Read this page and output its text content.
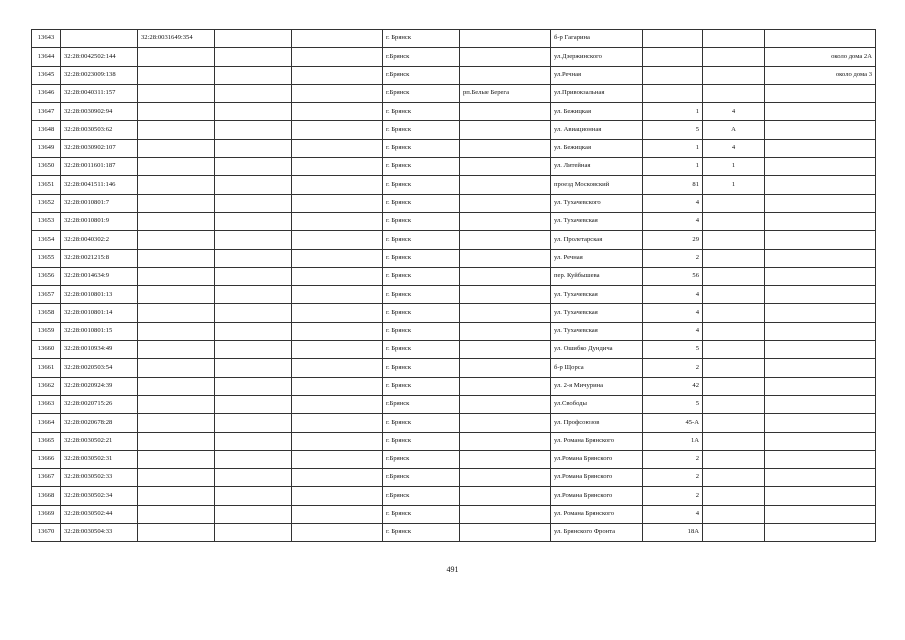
13643		32:28:0031649:354			г. Брянск		б-р Гагарина			
13644	32:28:0042502:144				г.Брянск		ул.Дзержинского			около дома 2А
13645	32:28:0023009:138				г.Брянск		ул.Речная			около дома 3
13646	32:28:0040311:157				г.Брянск	рп.Белые Берега	ул.Привокзальная			
13647	32:28:0030902:94				г. Брянск		ул. Бежицкая	1	4	
13648	32:28:0030503:62				г. Брянск		ул. Авиационная	5	А	
13649	32:28:0030902:107				г. Брянск		ул. Бежицкая	1	4	
13650	32:28:0011601:187				г. Брянск		ул. Литейная	1	1	
13651	32:28:0041511:146				г. Брянск		проезд Московский	81	1	
13652	32:28:0010801:7				г. Брянск		ул. Тухачевского	4		
13653	32:28:0010801:9				г. Брянск		ул. Тухачевская	4		
13654	32:28:0040302:2				г. Брянск		ул. Пролетарская	29		
13655	32:28:0021215:8				г. Брянск		ул. Речная	2		
13656	32:28:0014634:9				г. Брянск		пер. Куйбышева	56		
13657	32:28:0010801:13				г. Брянск		ул. Тухачевская	4		
13658	32:28:0010801:14				г. Брянск		ул. Тухачевская	4		
13659	32:28:0010801:15				г. Брянск		ул. Тухачевская	4		
13660	32:28:0010934:49				г. Брянск		ул. Ошибко Дундича	5		
13661	32:28:0020503:54				г. Брянск		б-р Щорса	2		
13662	32:28:0020924:39				г. Брянск		ул. 2-я Мичурина	42		
13663	32:28:0020715:26				г.Брянск		ул.Свободы	5		
13664	32:28:0020678:28				г. Брянск		ул. Профсоюзов	45-А		
13665	32:28:0030502:21				г. Брянск		ул. Романа Брянского	1А		
13666	32:28:0030502:31				г.Брянск		ул.Романа Брянского	2		
13667	32:28:0030502:33				г.Брянск		ул.Романа Брянского	2		
13668	32:28:0030502:34				г.Брянск		ул.Романа Брянского	2		
13669	32:28:0030502:44				г. Брянск		ул. Романа Брянского	4		
13670	32:28:0030504:33				г. Брянск		ул. Брянского Фронта	18А		
491
